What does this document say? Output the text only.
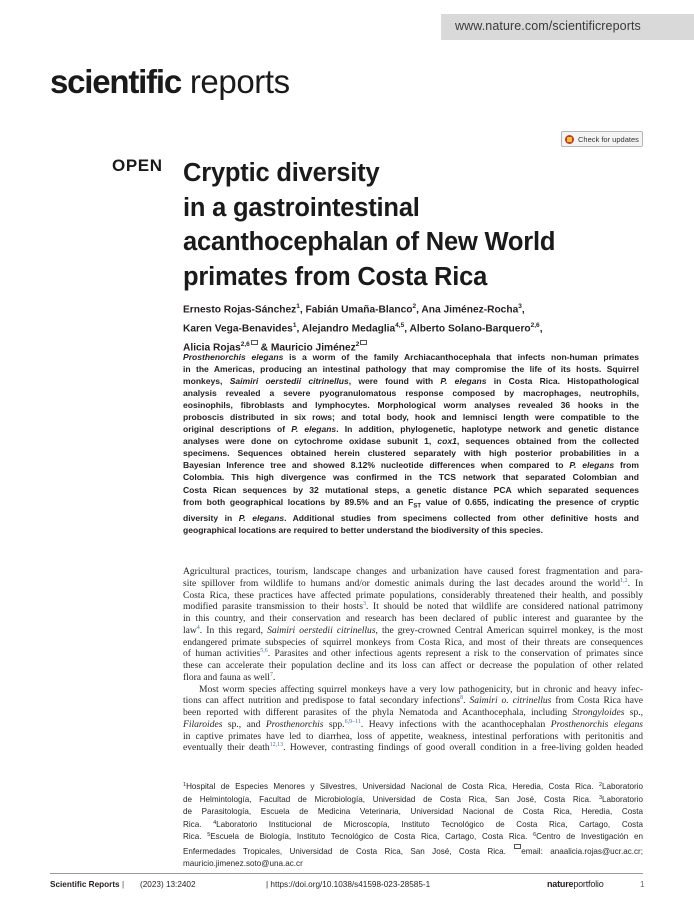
www.nature.com/scientificreports
scientific reports
Check for updates
OPEN Cryptic diversity
in a gastrointestinal
acanthocephalan of New World
primates from Costa Rica
Ernesto Rojas‑Sánchez$^1$, Fabián Umaña‑Blanco$^2$, Ana Jiménez‑Rocha$^3$,
Karen Vega‑Benavides$^1$, Alejandro Medaglia$^{4,5}$, Alberto Solano‑Barquero$^{2,6}$,
Alicia Rojas$^{2,6}$ & Mauricio Jiménez$^2$
Prosthenorchis elegans is a worm of the family Archiacanthocephala that infects non‑human primates
in the Americas, producing an intestinal pathology that may compromise the life of its hosts. Squirrel
monkeys, Saimiri oerstedii citrinellus, were found with P. elegans in Costa Rica. Histopathological
analysis revealed a severe pyogranulomatous response composed by macrophages, neutrophils,
eosinophils, fibroblasts and lymphocytes. Morphological worm analyses revealed 36 hooks in the
proboscis distributed in six rows; and total body, hook and lemnisci length were compatible to the
original descriptions of P. elegans. In addition, phylogenetic, haplotype network and genetic distance
analyses were done on cytochrome oxidase subunit 1, cox1, sequences obtained from the collected
specimens. Sequences obtained herein clustered separately with high posterior probabilities in a
Bayesian Inference tree and showed 8.12% nucleotide differences when compared to P. elegans from
Colombia. This high divergence was confirmed in the TCS network that separated Colombian and
Costa Rican sequences by 32 mutational steps, a genetic distance PCA which separated sequences
from both geographical locations by 89.5% and an $F_{ST}$ value of 0.655, indicating the presence of cryptic
diversity in P. elegans. Additional studies from specimens collected from other definitive hosts and
geographical locations are required to better understand the biodiversity of this species.
Agricultural practices, tourism, landscape changes and urbanization have caused forest fragmentation and para-
site spillover from wildlife to humans and/or domestic animals during the last decades around the world$^{1,2}$. In
Costa Rica, these practices have affected primate populations, considerably threatened their health, and possibly
modified parasite transmission to their hosts$^3$. It should be noted that wildlife are considered national patrimony
in this country, and their conservation and research has been declared of public interest and guarantee by the
law$^4$. In this regard, Saimiri oerstedii citrinellus, the grey-crowned Central American squirrel monkey, is the most
endangered primate subspecies of squirrel monkeys from Costa Rica, and most of their threats are consequences
of human activities$^{5,6}$. Parasites and other infectious agents represent a risk to the conservation of primates since
these can accelerate their population decline and its loss can affect or decrease the population of other related
flora and fauna as well$^7$.
Most worm species affecting squirrel monkeys have a very low pathogenicity, but in chronic and heavy infec-
tions can affect nutrition and predispose to fatal secondary infections$^8$. Saimiri o. citrinellus from Costa Rica have
been reported with different parasites of the phyla Nematoda and Acanthocephala, including Strongyloides sp.,
Filaroides sp., and Prosthenorchis spp.$^{6,9-11}$. Heavy infections with the acanthocephalan Prosthenorchis elegans
in captive primates have led to diarrhea, loss of appetite, weakness, intestinal perforations with peritonitis and
eventually their death$^{12,13}$. However, contrasting findings of good overall condition in a free-living golden headed
$^1$Hospital de Especies Menores y Silvestres, Universidad Nacional de Costa Rica, Heredia, Costa Rica. $^2$Laboratorio
de Helmintología, Facultad de Microbiología, Universidad de Costa Rica, San José, Costa Rica. $^3$Laboratorio
de Parasitología, Escuela de Medicina Veterinaria, Universidad Nacional de Costa Rica, Heredia, Costa
Rica. $^4$Laboratorio Institucional de Microscopía, Instituto Tecnológico de Costa Rica, Cartago, Costa
Rica. $^5$Escuela de Biología, Instituto Tecnológico de Costa Rica, Cartago, Costa Rica. $^6$Centro de Investigación en
Enfermedades Tropicales, Universidad de Costa Rica, San José, Costa Rica. email: anaalicia.rojas@ucr.ac.cr;
mauricio.jimenez.soto@una.ac.cr
Scientific Reports | (2023) 13:2402	| https://doi.org/10.1038/s41598-023-28585-1	natureportfolio	1
